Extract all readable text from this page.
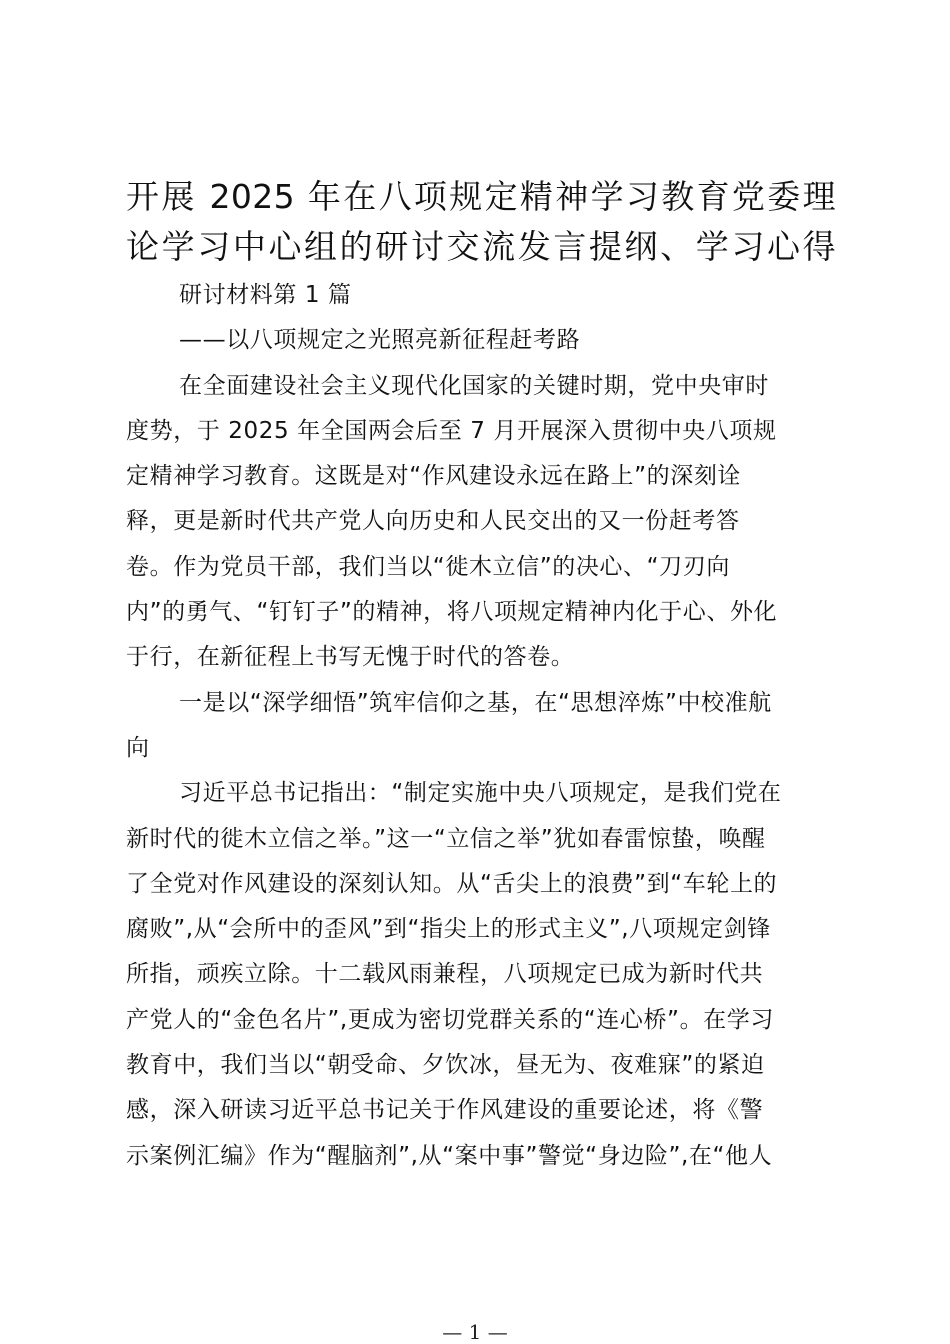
开展 2025 年在八项规定精神学习教育党委理
论学习中心组的研讨交流发言提纲、学习心得
研讨材料第 1 篇
——以八项规定之光照亮新征程赶考路
在全面建设社会主义现代化国家的关键时期，党中央审时
度势，于 2025 年全国两会后至 7 月开展深入贯彻中央八项规
定精神学习教育。这既是对“作风建设永远在路上”的深刻诠
释，更是新时代共产党人向历史和人民交出的又一份赶考答
卷。作为党员干部，我们当以“徙木立信”的决心、“刀刃向
内”的勇气、“钉钉子”的精神，将八项规定精神内化于心、外化
于行，在新征程上书写无愧于时代的答卷。
一是以“深学细悟”筑牢信仰之基，在“思想淬炼”中校准航
向
习近平总书记指出：“制定实施中央八项规定，是我们党在
新时代的徙木立信之举。”这一“立信之举”犹如春雷惊蛰，唤醒
了全党对作风建设的深刻认知。从“舌尖上的浪费”到“车轮上的
腐败”,从“会所中的歪风”到“指尖上的形式主义”,八项规定剑锋
所指，顽疾立除。十二载风雨兼程，八项规定已成为新时代共
产党人的“金色名片”,更成为密切党群关系的“连心桥”。在学习
教育中，我们当以“朝受命、夕饮冰，昼无为、夜难寐”的紧迫
感，深入研读习近平总书记关于作风建设的重要论述，将《警
示案例汇编》作为“醒脑剂”,从“案中事”警觉“身边险”,在“他人
— 1 —
